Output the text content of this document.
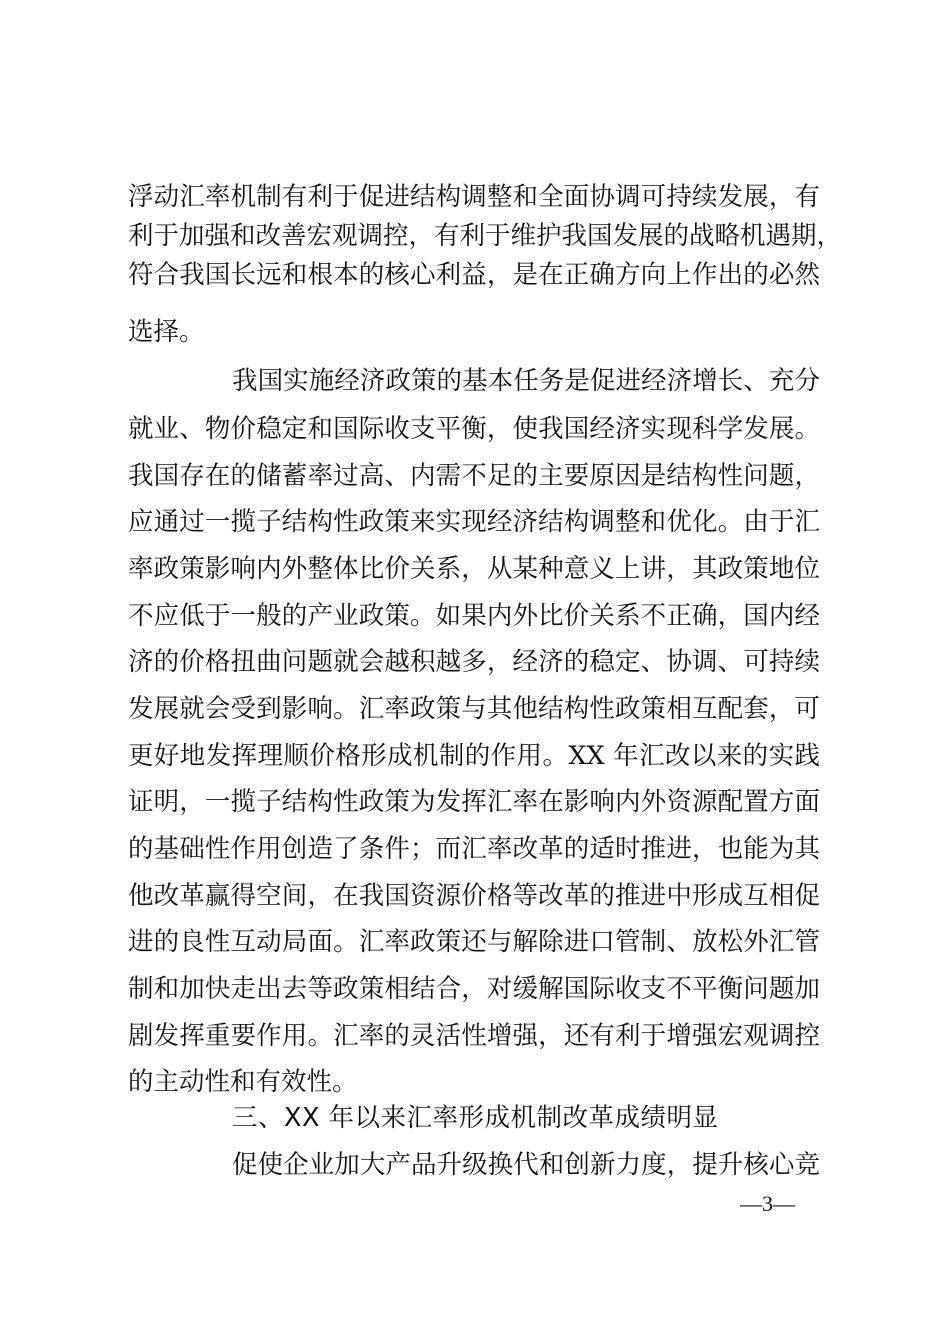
浮动汇率机制有利于促进结构调整和全面协调可持续发展，有
利于加强和改善宏观调控，有利于维护我国发展的战略机遇期，
符合我国长远和根本的核心利益，是在正确方向上作出的必然
选择。
我国实施经济政策的基本任务是促进经济增长、充分
就业、物价稳定和国际收支平衡，使我国经济实现科学发展。
我国存在的储蓄率过高、内需不足的主要原因是结构性问题，
应通过一揽子结构性政策来实现经济结构调整和优化。由于汇
率政策影响内外整体比价关系，从某种意义上讲，其政策地位
不应低于一般的产业政策。如果内外比价关系不正确，国内经
济的价格扭曲问题就会越积越多，经济的稳定、协调、可持续
发展就会受到影响。汇率政策与其他结构性政策相互配套，可
更好地发挥理顺价格形成机制的作用。XX 年汇改以来的实践
证明，一揽子结构性政策为发挥汇率在影响内外资源配置方面
的基础性作用创造了条件；而汇率改革的适时推进，也能为其
他改革赢得空间，在我国资源价格等改革的推进中形成互相促
进的良性互动局面。汇率政策还与解除进口管制、放松外汇管
制和加快走出去等政策相结合，对缓解国际收支不平衡问题加
剧发挥重要作用。汇率的灵活性增强，还有利于增强宏观调控
的主动性和有效性。
三、XX 年以来汇率形成机制改革成绩明显
促使企业加大产品升级换代和创新力度，提升核心竞
—3—
